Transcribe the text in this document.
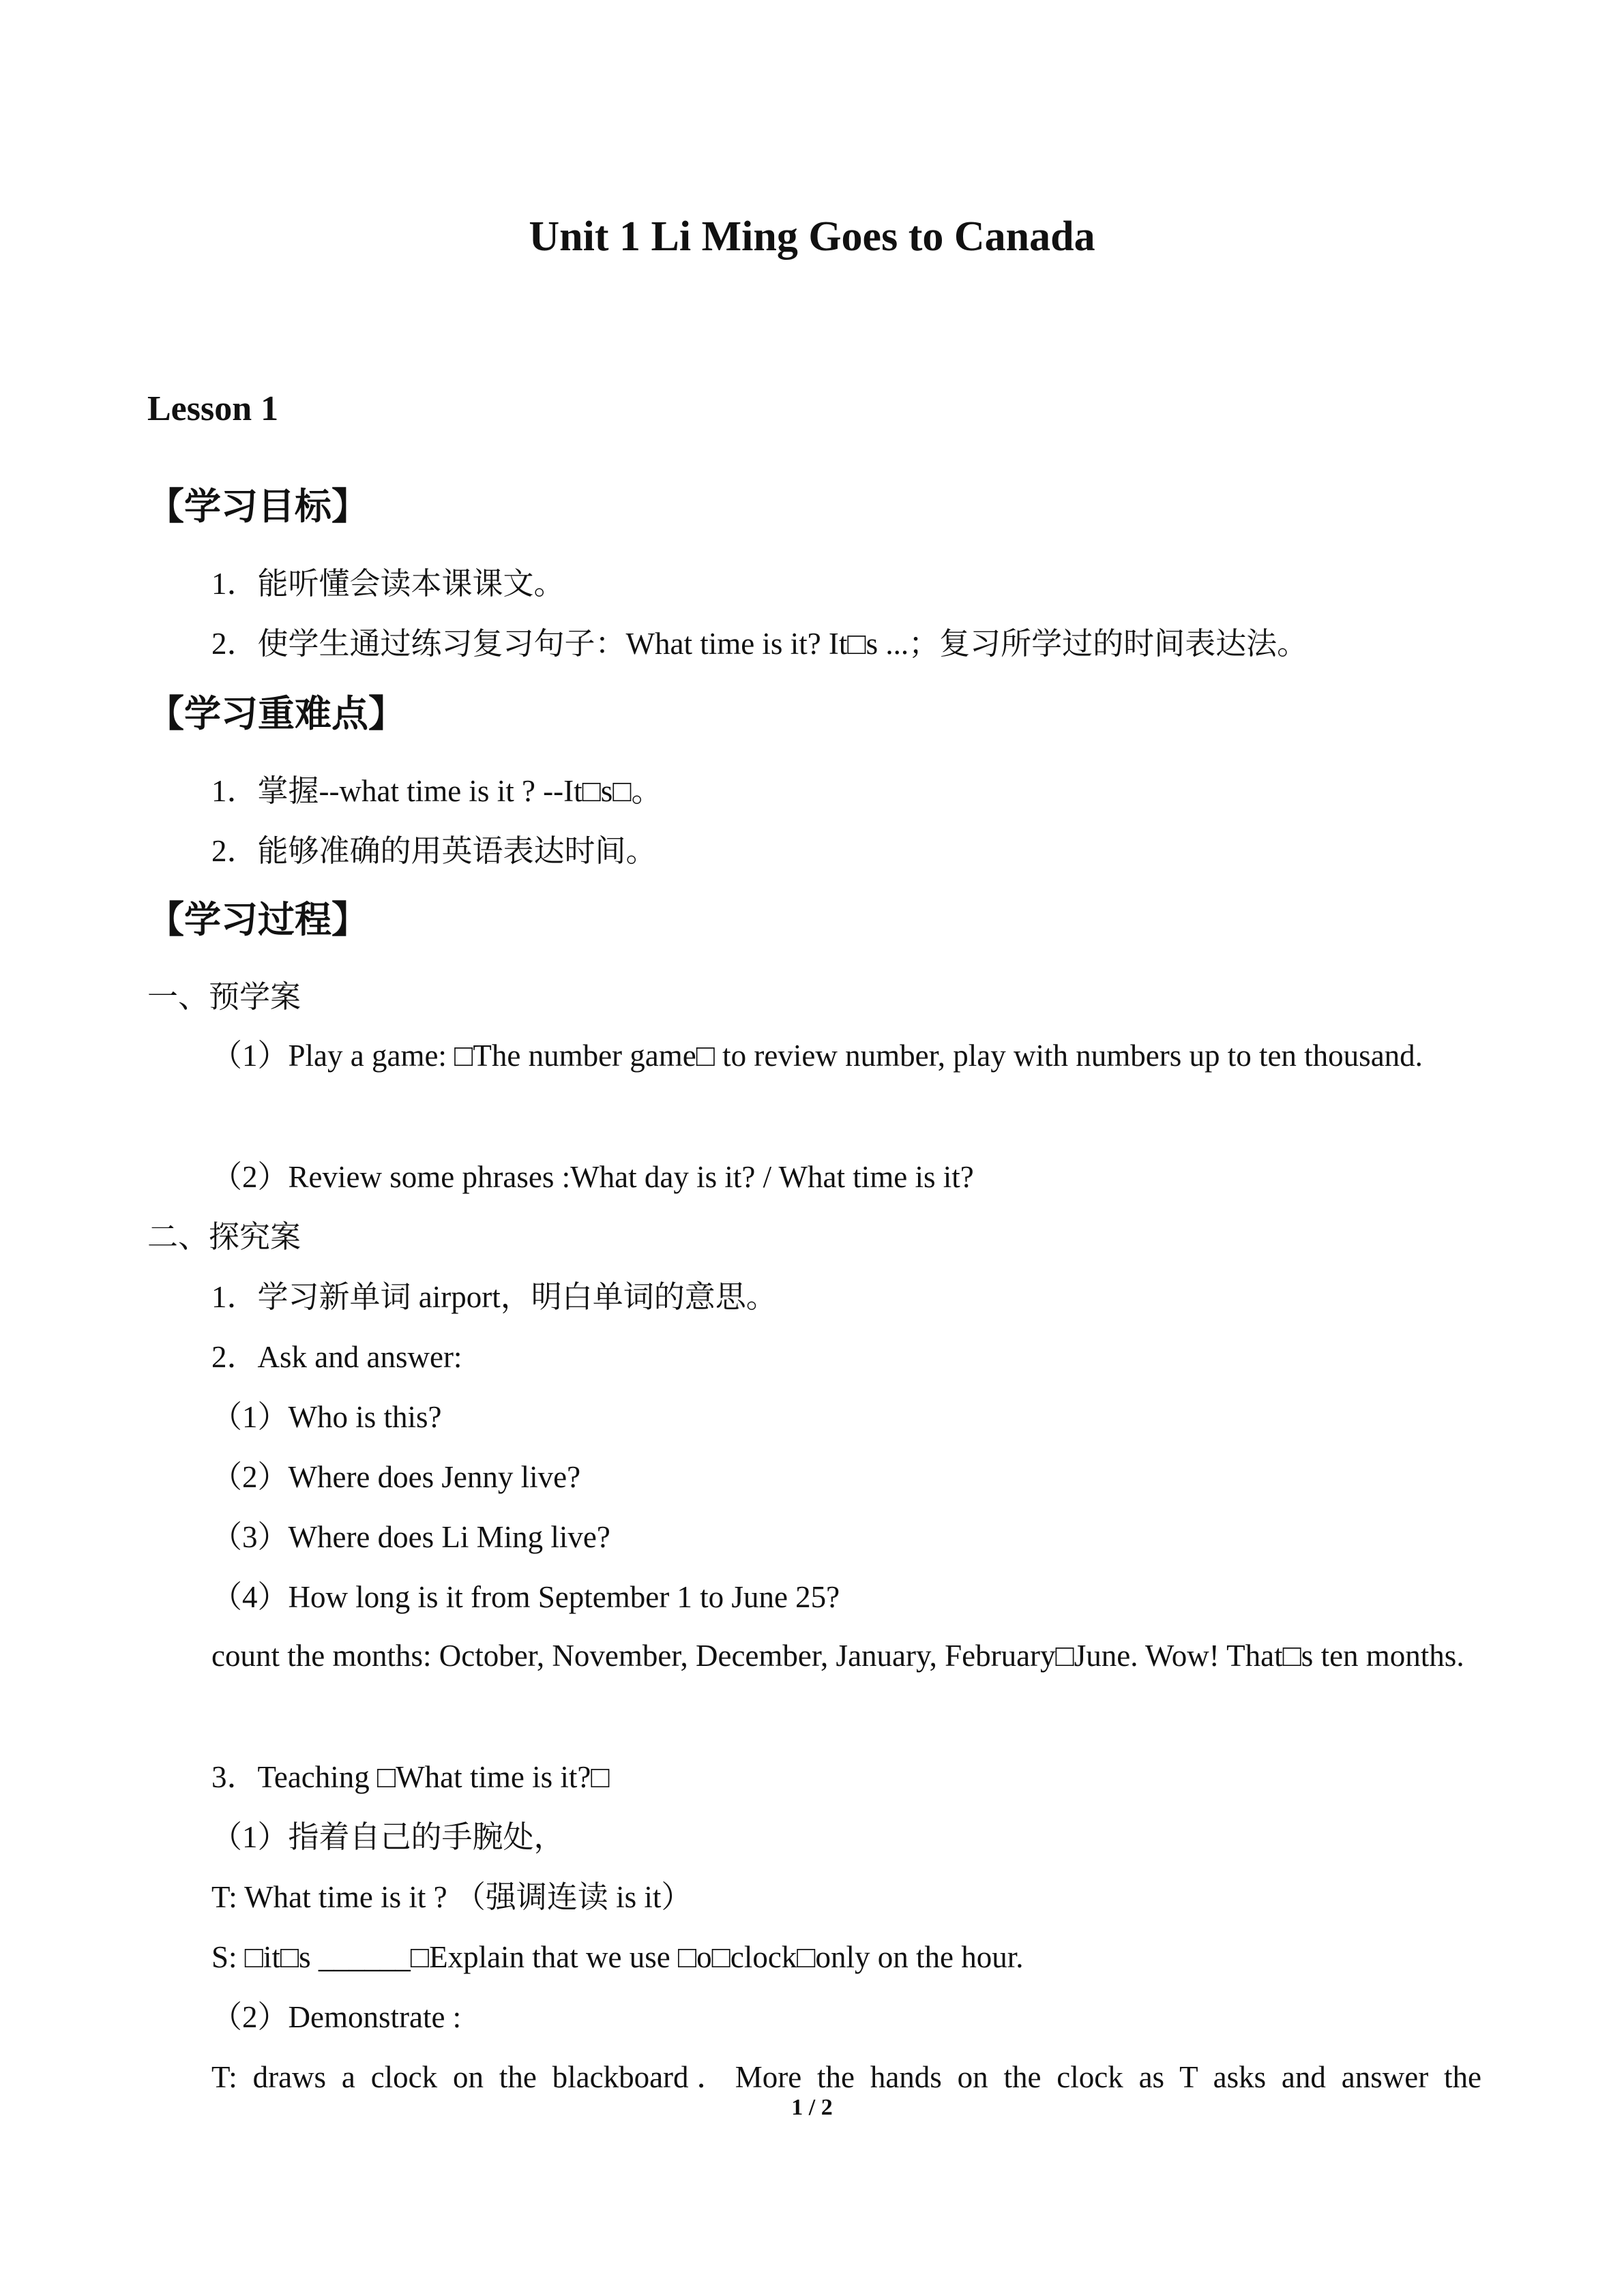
Unit 1 Li Ming Goes to Canada
Lesson 1
【学习目标】

1．能听懂会读本课课文。

2．使学生通过练习复习句子：What time is it? It□s ...；复习所学过的时间表达法。

【学习重难点】

1．掌握--what time is it ? --It□s□。

2．能够准确的用英语表达时间。

【学习过程】

一、预学案

（1）Play a game: □The number game□ to review number, play with numbers up to ten thousand.

（2）Review some phrases :What day is it? / What time is it?

二、探究案

1．学习新单词 airport，明白单词的意思。

2．Ask and answer:

（1）Who is this?

（2）Where does Jenny live?

（3）Where does Li Ming live?

（4）How long is it from September 1 to June 25?

count the months: October, November, December, January, February□June. Wow! That□s ten months.

3．Teaching □What time is it?□

（1）指着自己的手腕处，

T: What time is it ? （强调连读 is it）

S: □it□s ______□Explain that we use □o□clock□only on the hour.

（2）Demonstrate :

T: draws a clock on the blackboard．More the hands on the clock as T asks and answer the

1 / 2
